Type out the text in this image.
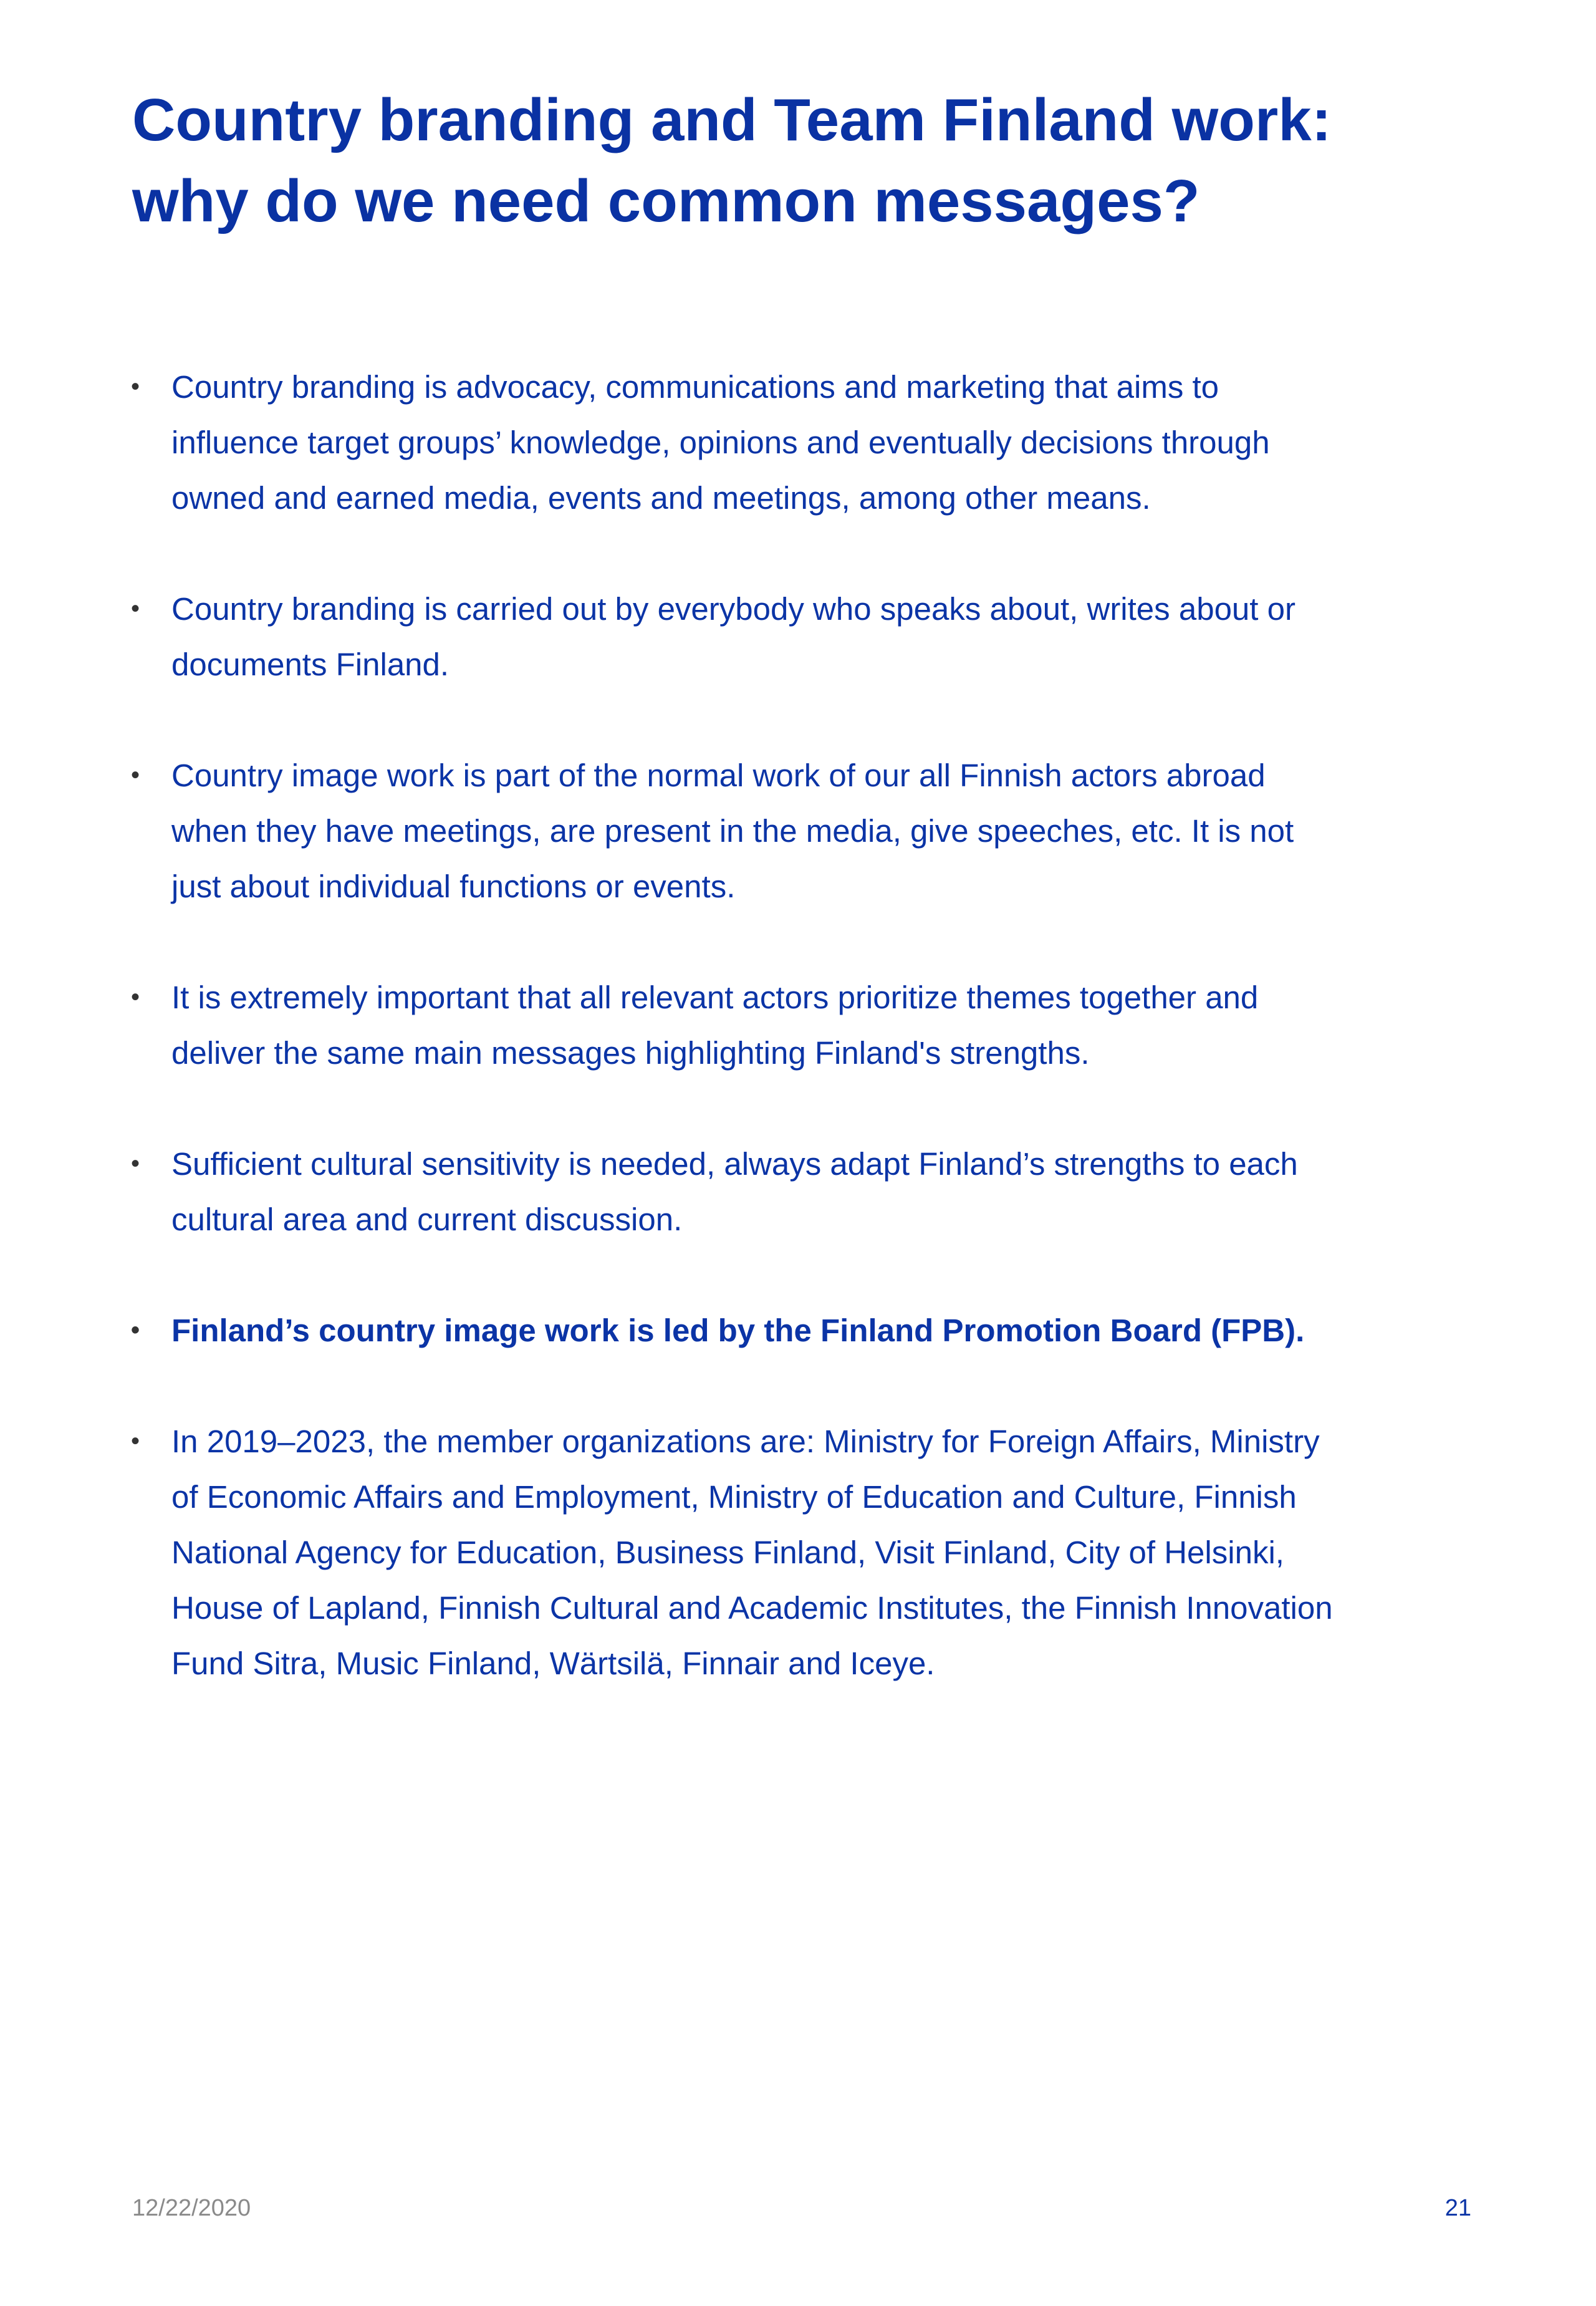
Country branding and Team Finland work:
why do we need common messages?
• Country branding is advocacy, communications and marketing that aims to
influence target groups’ knowledge, opinions and eventually decisions through
owned and earned media, events and meetings, among other means.
• Country branding is carried out by everybody who speaks about, writes about or
documents Finland.
• Country image work is part of the normal work of our all Finnish actors abroad
when they have meetings, are present in the media, give speeches, etc. It is not
just about individual functions or events.
• It is extremely important that all relevant actors prioritize themes together and
deliver the same main messages highlighting Finland's strengths.
• Sufficient cultural sensitivity is needed, always adapt Finland’s strengths to each
cultural area and current discussion.
• Finland’s country image work is led by the Finland Promotion Board (FPB).
• In 2019–2023, the member organizations are: Ministry for Foreign Affairs, Ministry
of Economic Affairs and Employment, Ministry of Education and Culture, Finnish
National Agency for Education, Business Finland, Visit Finland, City of Helsinki,
House of Lapland, Finnish Cultural and Academic Institutes, the Finnish Innovation
Fund Sitra, Music Finland, Wärtsilä, Finnair and Iceye.
12/22/2020	21
